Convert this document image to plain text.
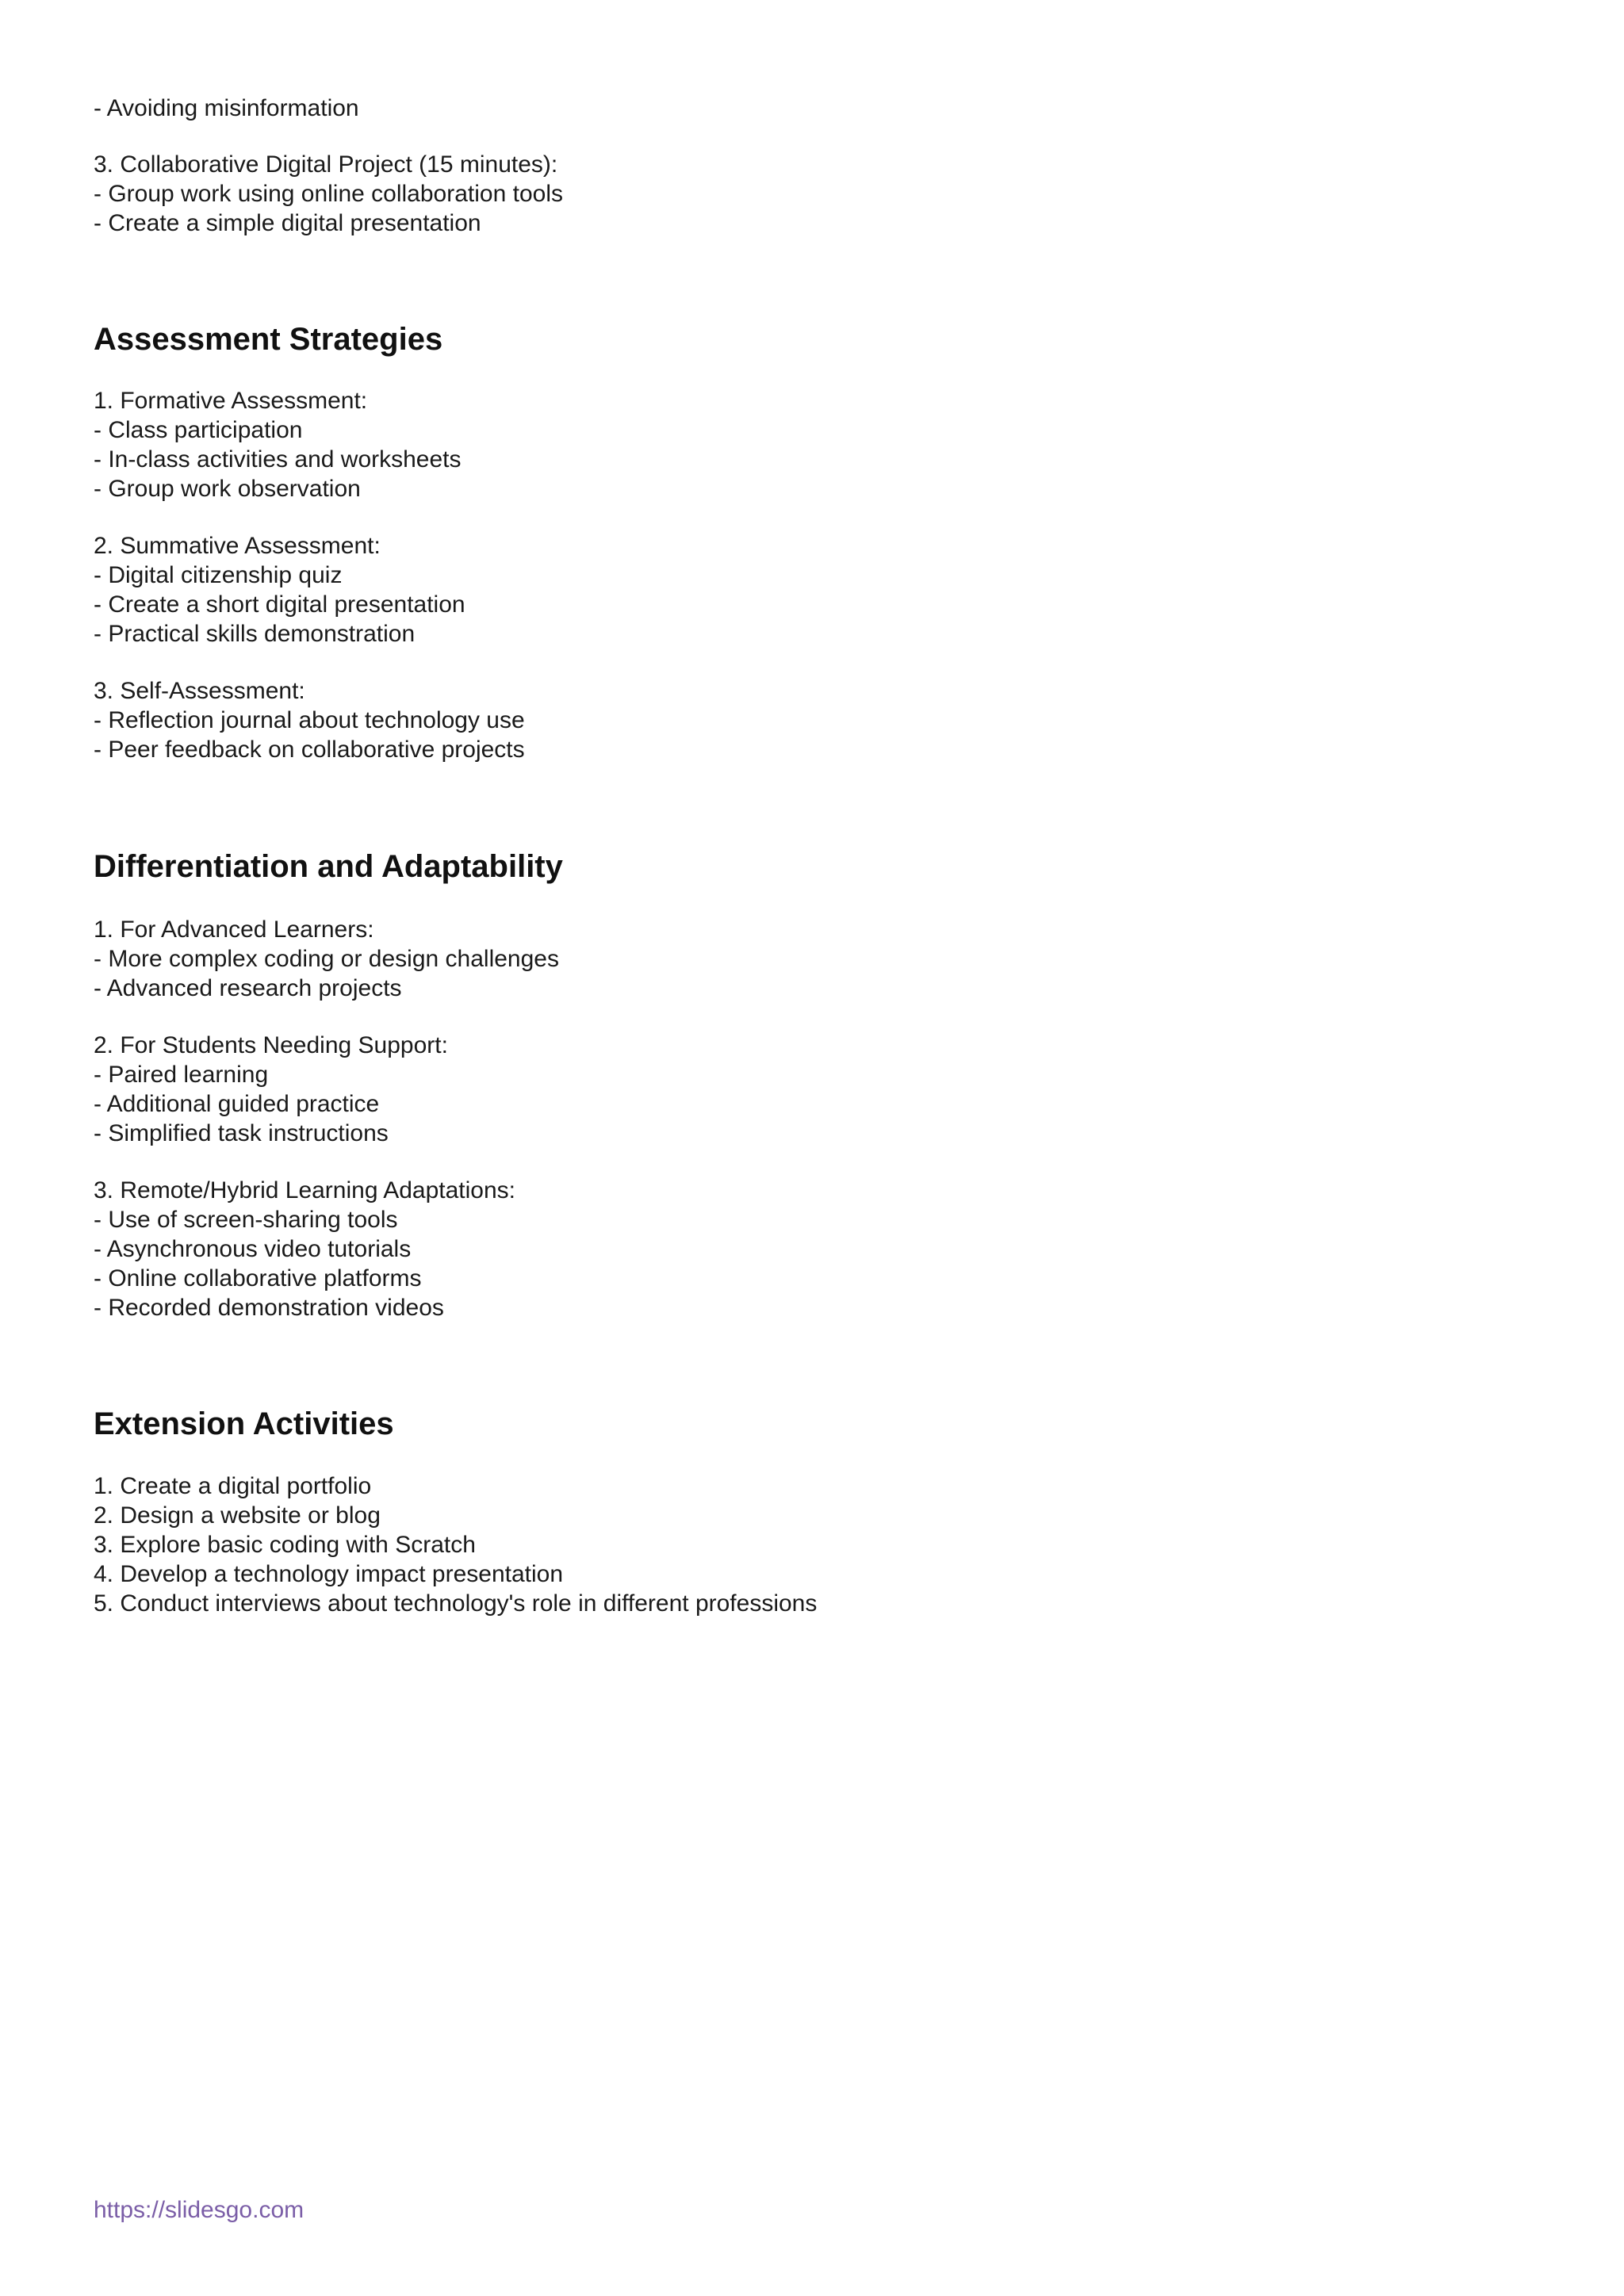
- Avoiding misinformation
3. Collaborative Digital Project (15 minutes):
- Group work using online collaboration tools
- Create a simple digital presentation
Assessment Strategies
1. Formative Assessment:
- Class participation
- In-class activities and worksheets
- Group work observation
2. Summative Assessment:
- Digital citizenship quiz
- Create a short digital presentation
- Practical skills demonstration
3. Self-Assessment:
- Reflection journal about technology use
- Peer feedback on collaborative projects
Differentiation and Adaptability
1. For Advanced Learners:
- More complex coding or design challenges
- Advanced research projects
2. For Students Needing Support:
- Paired learning
- Additional guided practice
- Simplified task instructions
3. Remote/Hybrid Learning Adaptations:
- Use of screen-sharing tools
- Asynchronous video tutorials
- Online collaborative platforms
- Recorded demonstration videos
Extension Activities
1. Create a digital portfolio
2. Design a website or blog
3. Explore basic coding with Scratch
4. Develop a technology impact presentation
5. Conduct interviews about technology's role in different professions
https://slidesgo.com
